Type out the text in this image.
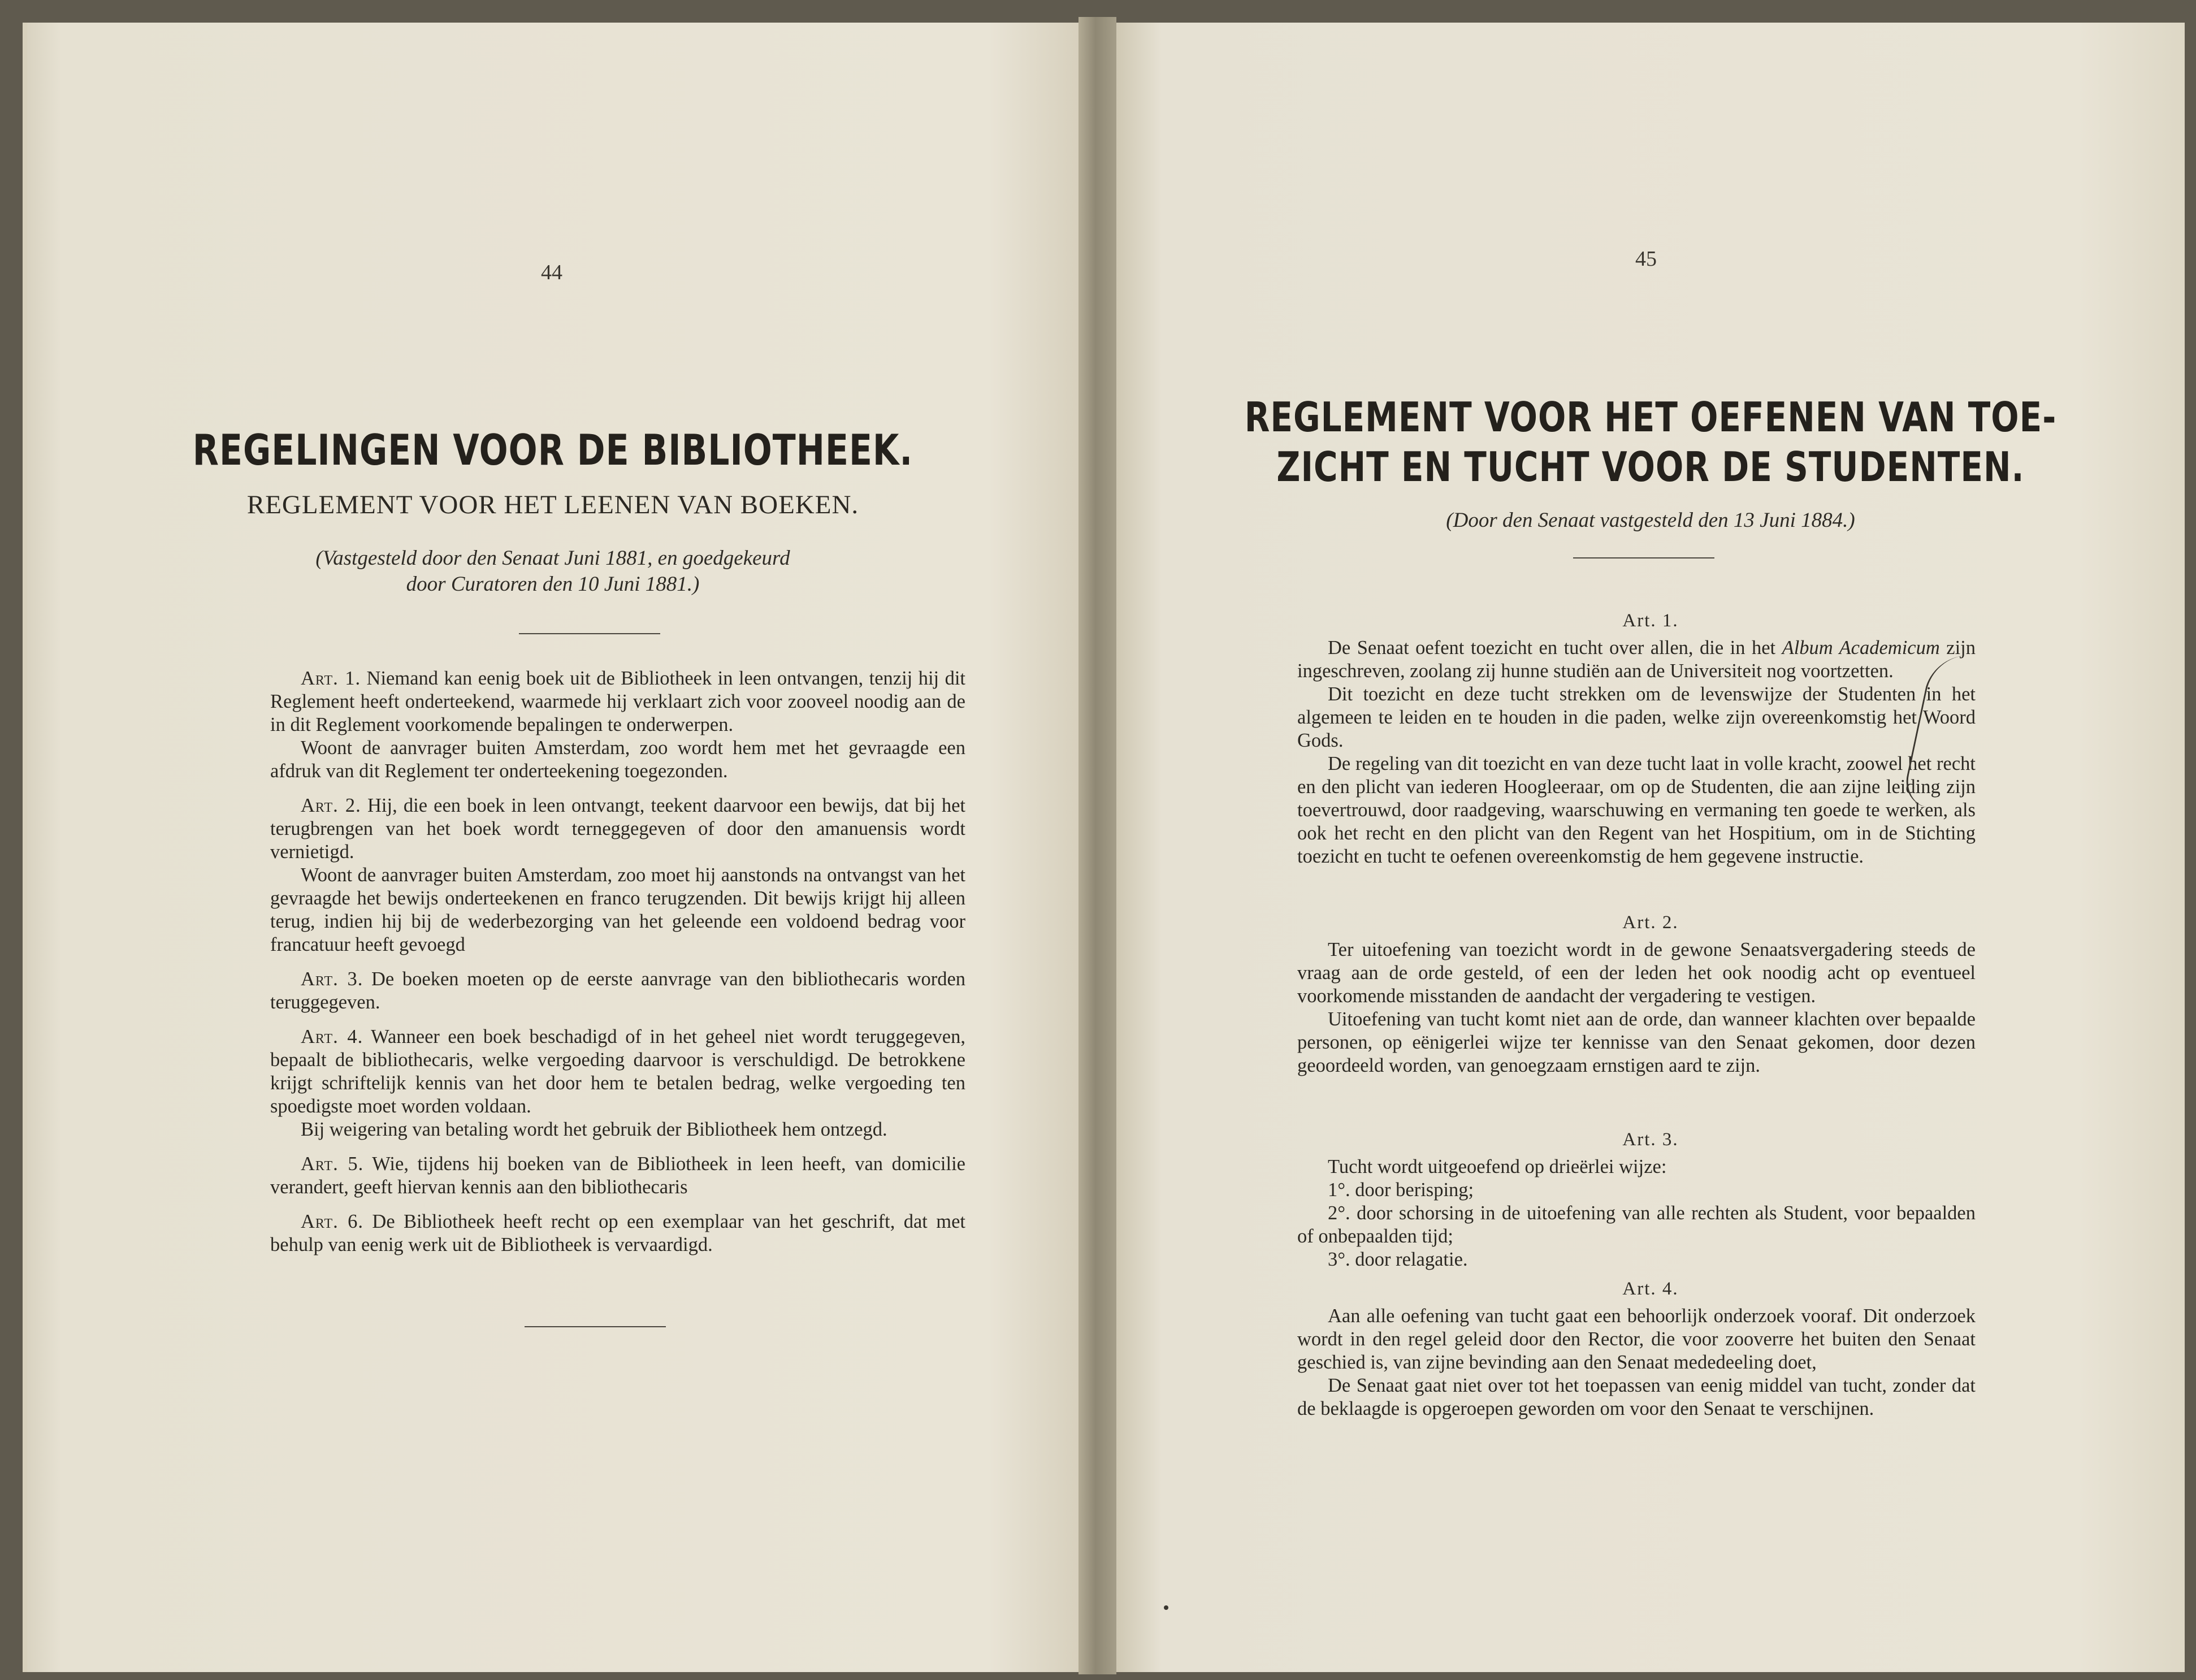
44
REGELINGEN VOOR DE BIBLIOTHEEK.
REGLEMENT VOOR HET LEENEN VAN BOEKEN.
(Vastgesteld door den Senaat Juni 1881, en goedgekeurd
door Curatoren den 10 Juni 1881.)

Art. 1. Niemand kan eenig boek uit de Bibliotheek in leen ontvangen, tenzij hij dit Reglement heeft onderteekend, waarmede hij verklaart zich voor zooveel noodig aan de in dit Reglement voorkomende bepalingen te onderwerpen.

Woont de aanvrager buiten Amsterdam, zoo wordt hem met het gevraagde een afdruk van dit Reglement ter onderteekening toegezonden.

Art. 2. Hij, die een boek in leen ontvangt, teekent daarvoor een bewijs, dat bij het terugbrengen van het boek wordt terneggegeven of door den amanuensis wordt vernietigd.

Woont de aanvrager buiten Amsterdam, zoo moet hij aanstonds na ontvangst van het gevraagde het bewijs onderteekenen en franco terugzenden. Dit bewijs krijgt hij alleen terug, indien hij bij de wederbezorging van het geleende een voldoend bedrag voor francatuur heeft gevoegd

Art. 3. De boeken moeten op de eerste aanvrage van den bibliothecaris worden teruggegeven.

Art. 4. Wanneer een boek beschadigd of in het geheel niet wordt teruggegeven, bepaalt de bibliothecaris, welke vergoeding daarvoor is verschuldigd. De betrokkene krijgt schriftelijk kennis van het door hem te betalen bedrag, welke vergoeding ten spoedigste moet worden voldaan.

Bij weigering van betaling wordt het gebruik der Bibliotheek hem ontzegd.

Art. 5. Wie, tijdens hij boeken van de Bibliotheek in leen heeft, van domicilie verandert, geeft hiervan kennis aan den bibliothecaris

Art. 6. De Bibliotheek heeft recht op een exemplaar van het geschrift, dat met behulp van eenig werk uit de Bibliotheek is vervaardigd.

45
REGLEMENT VOOR HET OEFENEN VAN TOE-
ZICHT EN TUCHT VOOR DE STUDENTEN.
(Door den Senaat vastgesteld den 13 Juni 1884.)
Art. 1.

De Senaat oefent toezicht en tucht over allen, die in het Album Academicum zijn ingeschreven, zoolang zij hunne studiën aan de Universiteit nog voortzetten.

Dit toezicht en deze tucht strekken om de levenswijze der Studenten in het algemeen te leiden en te houden in die paden, welke zijn overeenkomstig het Woord Gods.

De regeling van dit toezicht en van deze tucht laat in volle kracht, zoowel het recht en den plicht van iederen Hoogleeraar, om op de Studenten, die aan zijne leiding zijn toevertrouwd, door raadgeving, waarschuwing en vermaning ten goede te werken, als ook het recht en den plicht van den Regent van het Hospitium, om in de Stichting toezicht en tucht te oefenen overeenkomstig de hem gegevene instructie.

Art. 2.

Ter uitoefening van toezicht wordt in de gewone Senaatsvergadering steeds de vraag aan de orde gesteld, of een der leden het ook noodig acht op eventueel voorkomende misstanden de aandacht der vergadering te vestigen.

Uitoefening van tucht komt niet aan de orde, dan wanneer klachten over bepaalde personen, op eënigerlei wijze ter kennisse van den Senaat gekomen, door dezen geoordeeld worden, van genoegzaam ernstigen aard te zijn.

Art. 3.

Tucht wordt uitgeoefend op drieërlei wijze:

1°. door berisping;

2°. door schorsing in de uitoefening van alle rechten als Student, voor bepaalden of onbepaalden tijd;

3°. door relagatie.

Art. 4.

Aan alle oefening van tucht gaat een behoorlijk onderzoek vooraf. Dit onderzoek wordt in den regel geleid door den Rector, die voor zooverre het buiten den Senaat geschied is, van zijne bevinding aan den Senaat mededeeling doet,

De Senaat gaat niet over tot het toepassen van eenig middel van tucht, zonder dat de beklaagde is opgeroepen geworden om voor den Senaat te verschijnen.
